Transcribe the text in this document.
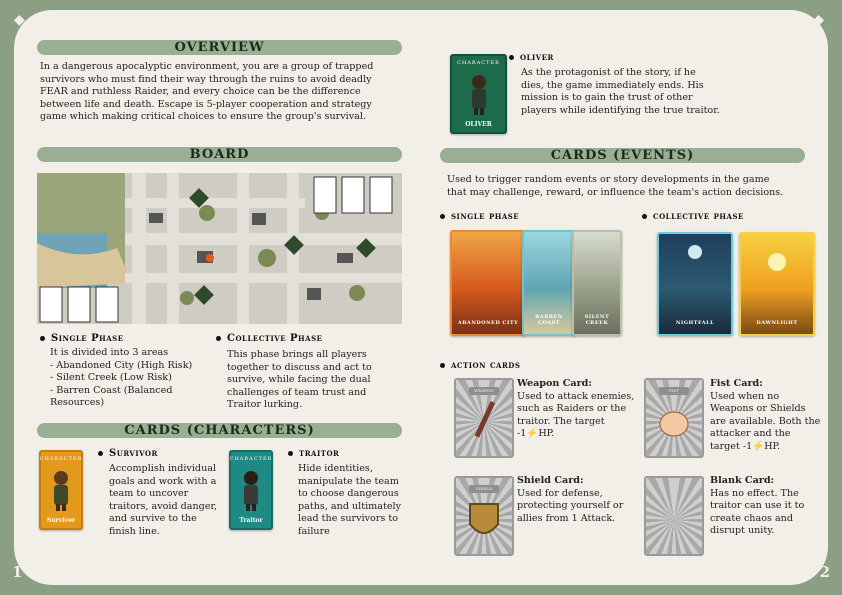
◆	◆
1	2
OVERVIEW
In a dangerous apocalyptic environment, you are a group of trapped survivors who must find their way through the ruins to avoid deadly FEAR and ruthless Raider, and every choice can be the difference between life and death. Escape is 5-player cooperation and strategy game which making critical choices to ensure the group's survival.
BOARD
Single Phase
It is divided into 3 areas
- Abandoned City (High Risk)
- Silent Creek (Low Risk)
- Barren Coast (Balanced Resources)
Collective Phase
This phase brings all players together to discuss and act to survive, while facing the dual challenges of team trust and Traitor lurking.
CARDS (CHARACTERS)
CHARACTER
Survivor
Survivor
Accomplish individual goals and work with a team to uncover traitors, avoid danger, and survive to the finish line.
CHARACTER
Traitor
traitor
Hide identities, manipulate the team to choose dangerous paths, and ultimately lead the survivors to failure
CHARACTER
OLIVER
oliver
As the protagonist of the story, if he dies, the game immediately ends. His mission is to gain the trust of other players while identifying the true traitor.
CARDS (EVENTS)
Used to trigger random events or story developments in the game that may challenge, reward, or influence the team's action decisions.
single phase
ABANDONED CITY
BARREN COAST
SILENT CREEK
collective phase
NIGHTFALL	DAWNLIGHT
action cards
WEAPON
Weapon Card:
Used to attack enemies, such as Raiders or the traitor. The target -1⚡HP.
FIST
Fist Card:
Used when no Weapons or Shields are available. Both the attacker and the target -1⚡HP.
SHIELD
Shield Card:
Used for defense, protecting yourself or allies from 1 Attack.
Blank Card:
Has no effect. The traitor can use it to create chaos and disrupt unity.
